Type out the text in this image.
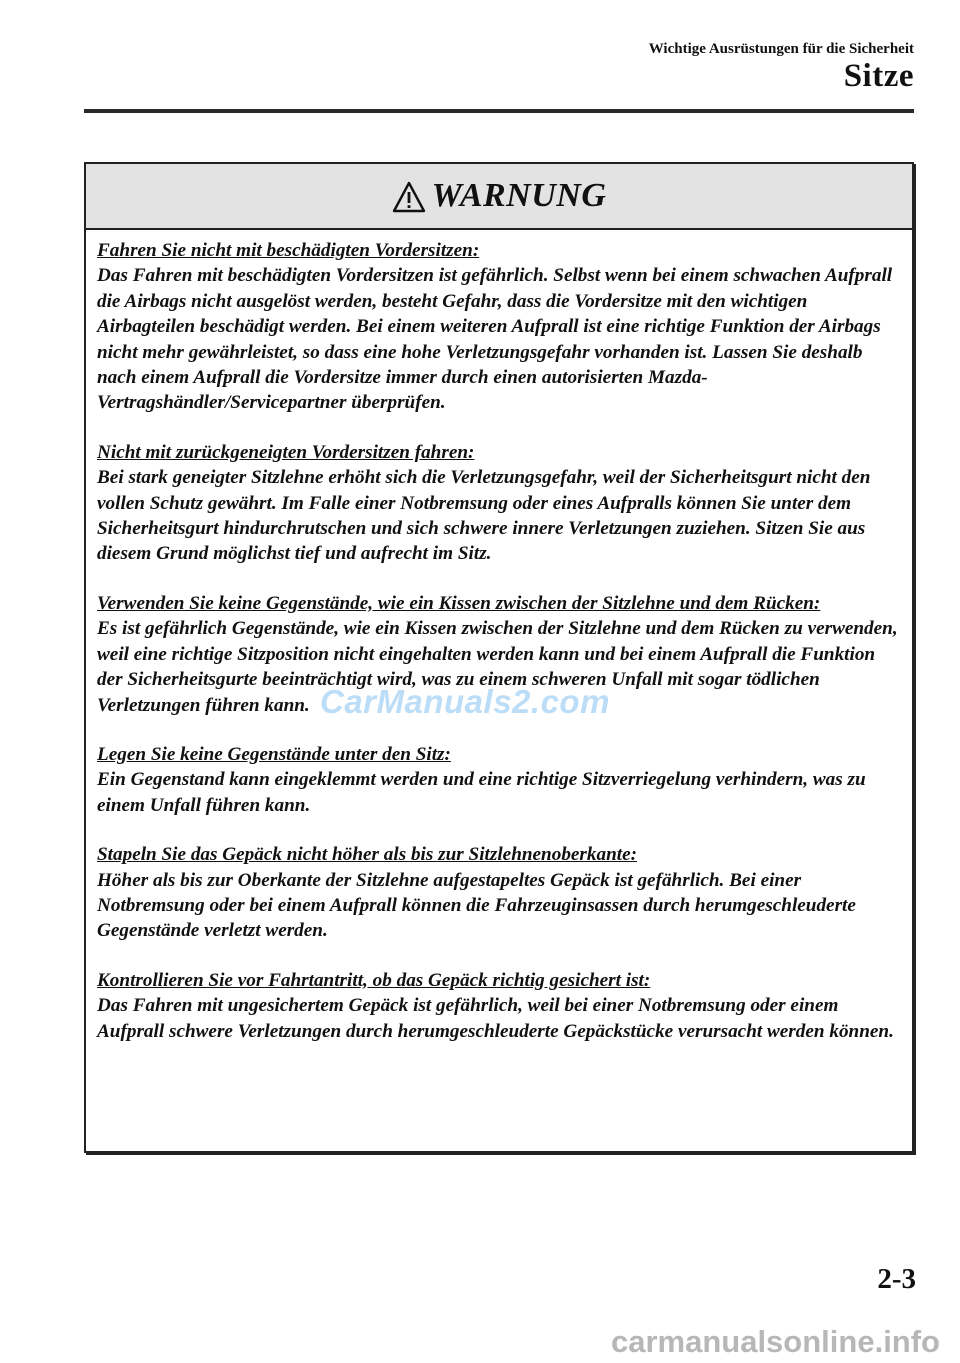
Wichtige Ausrüstungen für die Sicherheit
Sitze
WARNUNG
Fahren Sie nicht mit beschädigten Vordersitzen:
Das Fahren mit beschädigten Vordersitzen ist gefährlich. Selbst wenn bei einem schwachen Aufprall die Airbags nicht ausgelöst werden, besteht Gefahr, dass die Vordersitze mit den wichtigen Airbagteilen beschädigt werden. Bei einem weiteren Aufprall ist eine richtige Funktion der Airbags nicht mehr gewährleistet, so dass eine hohe Verletzungsgefahr vorhanden ist. Lassen Sie deshalb nach einem Aufprall die Vordersitze immer durch einen autorisierten Mazda-Vertragshändler/Servicepartner überprüfen.
Nicht mit zurückgeneigten Vordersitzen fahren:
Bei stark geneigter Sitzlehne erhöht sich die Verletzungsgefahr, weil der Sicherheitsgurt nicht den vollen Schutz gewährt. Im Falle einer Notbremsung oder eines Aufpralls können Sie unter dem Sicherheitsgurt hindurchrutschen und sich schwere innere Verletzungen zuziehen. Sitzen Sie aus diesem Grund möglichst tief und aufrecht im Sitz.
Verwenden Sie keine Gegenstände, wie ein Kissen zwischen der Sitzlehne und dem Rücken:
Es ist gefährlich Gegenstände, wie ein Kissen zwischen der Sitzlehne und dem Rücken zu verwenden, weil eine richtige Sitzposition nicht eingehalten werden kann und bei einem Aufprall die Funktion der Sicherheitsgurte beeinträchtigt wird, was zu einem schweren Unfall mit sogar tödlichen Verletzungen führen kann.
Legen Sie keine Gegenstände unter den Sitz:
Ein Gegenstand kann eingeklemmt werden und eine richtige Sitzverriegelung verhindern, was zu einem Unfall führen kann.
Stapeln Sie das Gepäck nicht höher als bis zur Sitzlehnenoberkante:
Höher als bis zur Oberkante der Sitzlehne aufgestapeltes Gepäck ist gefährlich. Bei einer Notbremsung oder bei einem Aufprall können die Fahrzeuginsassen durch herumgeschleuderte Gegenstände verletzt werden.
Kontrollieren Sie vor Fahrtantritt, ob das Gepäck richtig gesichert ist:
Das Fahren mit ungesichertem Gepäck ist gefährlich, weil bei einer Notbremsung oder einem Aufprall schwere Verletzungen durch herumgeschleuderte Gepäckstücke verursacht werden können.
CarManuals2.com
2-3
carmanualsonline.info
